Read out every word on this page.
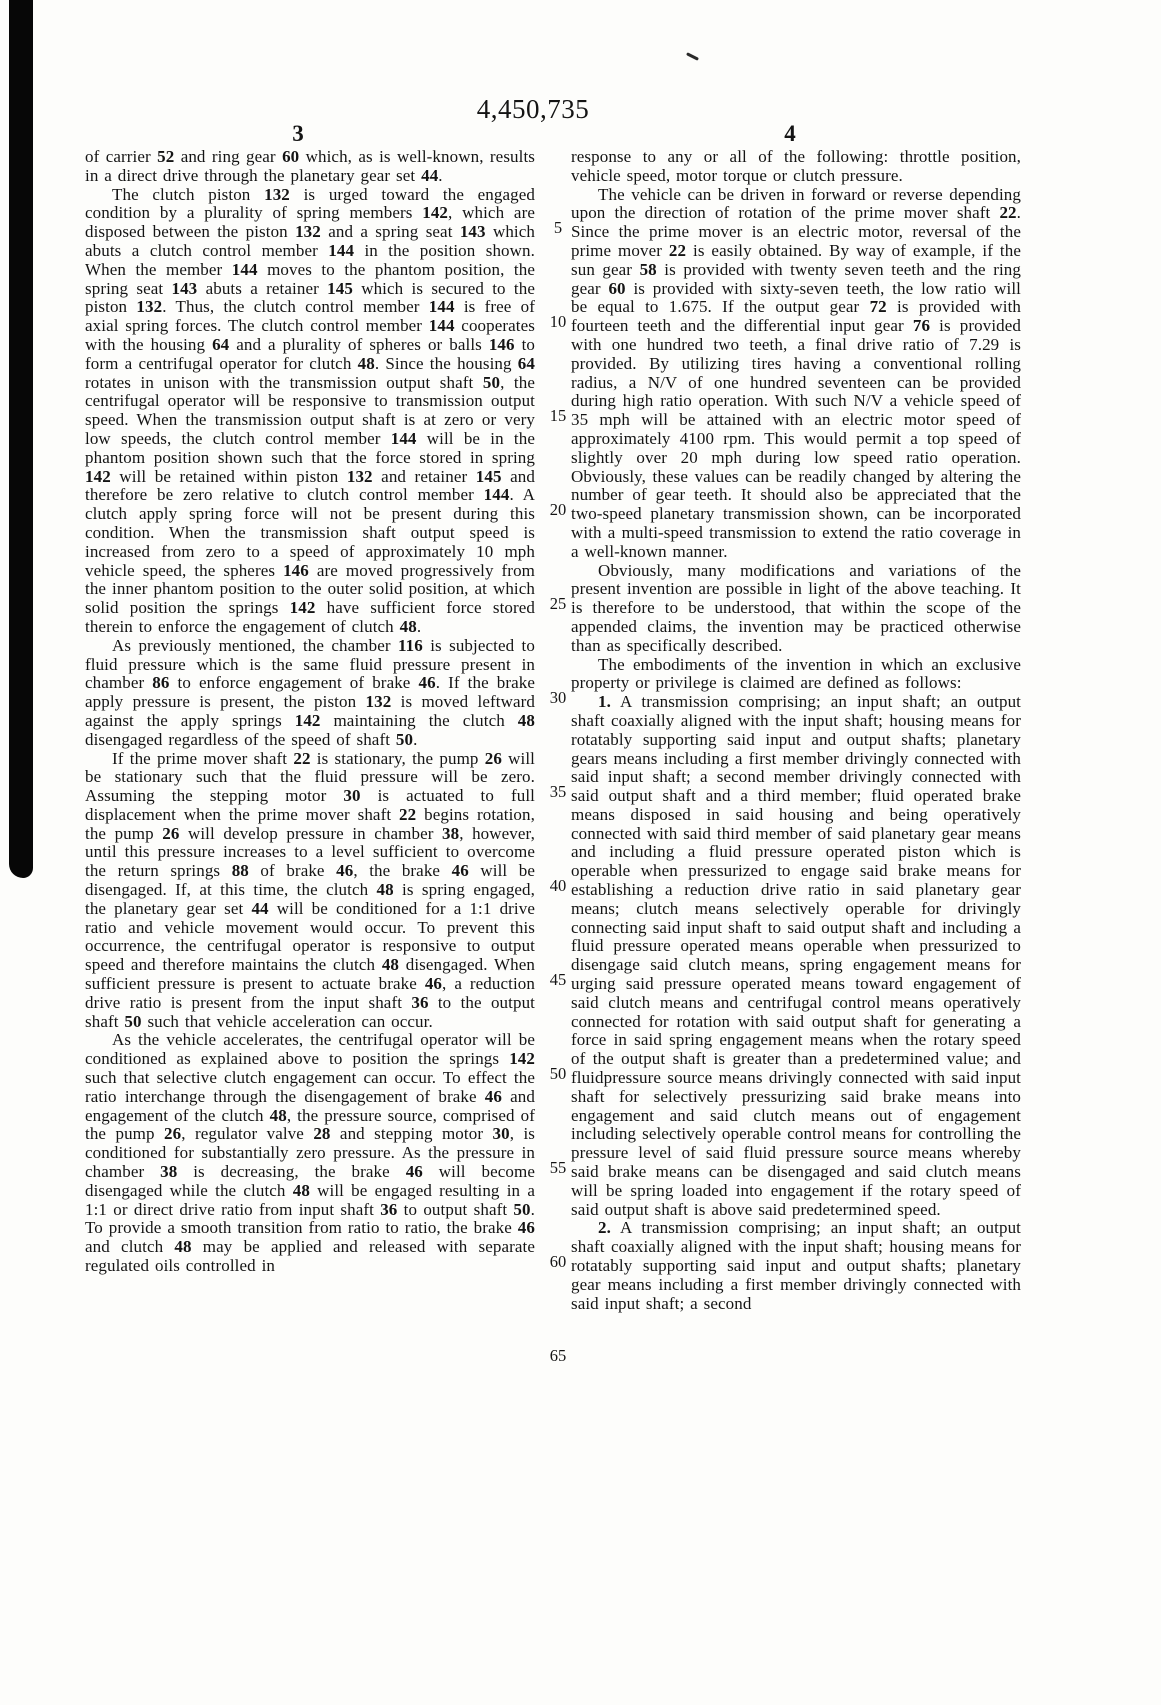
4,450,735
3	4

of carrier 52 and ring gear 60 which, as is well-known, results in a direct drive through the planetary gear set 44.

The clutch piston 132 is urged toward the engaged condition by a plurality of spring members 142, which are disposed between the piston 132 and a spring seat 143 which abuts a clutch control member 144 in the position shown. When the member 144 moves to the phantom position, the spring seat 143 abuts a retainer 145 which is secured to the piston 132. Thus, the clutch control member 144 is free of axial spring forces. The clutch control member 144 cooperates with the housing 64 and a plurality of spheres or balls 146 to form a centrifugal operator for clutch 48. Since the housing 64 rotates in unison with the transmission output shaft 50, the centrifugal operator will be responsive to transmission output speed. When the transmission output shaft is at zero or very low speeds, the clutch control member 144 will be in the phantom position shown such that the force stored in spring 142 will be retained within piston 132 and retainer 145 and therefore be zero relative to clutch control member 144. A clutch apply spring force will not be present during this condition. When the transmission shaft output speed is increased from zero to a speed of approximately 10 mph vehicle speed, the spheres 146 are moved progressively from the inner phantom position to the outer solid position, at which solid position the springs 142 have sufficient force stored therein to enforce the engagement of clutch 48.

As previously mentioned, the chamber 116 is subjected to fluid pressure which is the same fluid pressure present in chamber 86 to enforce engagement of brake 46. If the brake apply pressure is present, the piston 132 is moved leftward against the apply springs 142 maintaining the clutch 48 disengaged regardless of the speed of shaft 50.

If the prime mover shaft 22 is stationary, the pump 26 will be stationary such that the fluid pressure will be zero. Assuming the stepping motor 30 is actuated to full displacement when the prime mover shaft 22 begins rotation, the pump 26 will develop pressure in chamber 38, however, until this pressure increases to a level sufficient to overcome the return springs 88 of brake 46, the brake 46 will be disengaged. If, at this time, the clutch 48 is spring engaged, the planetary gear set 44 will be conditioned for a 1:1 drive ratio and vehicle movement would occur. To prevent this occurrence, the centrifugal operator is responsive to output speed and therefore maintains the clutch 48 disengaged. When sufficient pressure is present to actuate brake 46, a reduction drive ratio is present from the input shaft 36 to the output shaft 50 such that vehicle acceleration can occur.

As the vehicle accelerates, the centrifugal operator will be conditioned as explained above to position the springs 142 such that selective clutch engagement can occur. To effect the ratio interchange through the disengagement of brake 46 and engagement of the clutch 48, the pressure source, comprised of the pump 26, regulator valve 28 and stepping motor 30, is conditioned for substantially zero pressure. As the pressure in chamber 38 is decreasing, the brake 46 will become disengaged while the clutch 48 will be engaged resulting in a 1:1 or direct drive ratio from input shaft 36 to output shaft 50. To provide a smooth transition from ratio to ratio, the brake 46 and clutch 48 may be applied and released with separate regulated oils controlled in

5
10
15
20
25
30
35
40
45
50
55
60
65

response to any or all of the following: throttle position, vehicle speed, motor torque or clutch pressure.

The vehicle can be driven in forward or reverse depending upon the direction of rotation of the prime mover shaft 22. Since the prime mover is an electric motor, reversal of the prime mover 22 is easily obtained. By way of example, if the sun gear 58 is provided with twenty seven teeth and the ring gear 60 is provided with sixty-seven teeth, the low ratio will be equal to 1.675. If the output gear 72 is provided with fourteen teeth and the differential input gear 76 is provided with one hundred two teeth, a final drive ratio of 7.29 is provided. By utilizing tires having a conventional rolling radius, a N/V of one hundred seventeen can be provided during high ratio operation. With such N/V a vehicle speed of 35 mph will be attained with an electric motor speed of approximately 4100 rpm. This would permit a top speed of slightly over 20 mph during low speed ratio operation. Obviously, these values can be readily changed by altering the number of gear teeth. It should also be appreciated that the two-speed planetary transmission shown, can be incorporated with a multi-speed transmission to extend the ratio coverage in a well-known manner.

Obviously, many modifications and variations of the present invention are possible in light of the above teaching. It is therefore to be understood, that within the scope of the appended claims, the invention may be practiced otherwise than as specifically described.

The embodiments of the invention in which an exclusive property or privilege is claimed are defined as follows:

1. A transmission comprising; an input shaft; an output shaft coaxially aligned with the input shaft; housing means for rotatably supporting said input and output shafts; planetary gears means including a first member drivingly connected with said input shaft; a second member drivingly connected with said output shaft and a third member; fluid operated brake means disposed in said housing and being operatively connected with said third member of said planetary gear means and including a fluid pressure operated piston which is operable when pressurized to engage said brake means for establishing a reduction drive ratio in said planetary gear means; clutch means selectively operable for drivingly connecting said input shaft to said output shaft and including a fluid pressure operated means operable when pressurized to disengage said clutch means, spring engagement means for urging said pressure operated means toward engagement of said clutch means and centrifugal control means operatively connected for rotation with said output shaft for generating a force in said spring engagement means when the rotary speed of the output shaft is greater than a predetermined value; and fluidpressure source means drivingly connected with said input shaft for selectively pressurizing said brake means into engagement and said clutch means out of engagement including selectively operable control means for controlling the pressure level of said fluid pressure source means whereby said brake means can be disengaged and said clutch means will be spring loaded into engagement if the rotary speed of said output shaft is above said predetermined speed.

2. A transmission comprising; an input shaft; an output shaft coaxially aligned with the input shaft; housing means for rotatably supporting said input and output shafts; planetary gear means including a first member drivingly connected with said input shaft; a second
